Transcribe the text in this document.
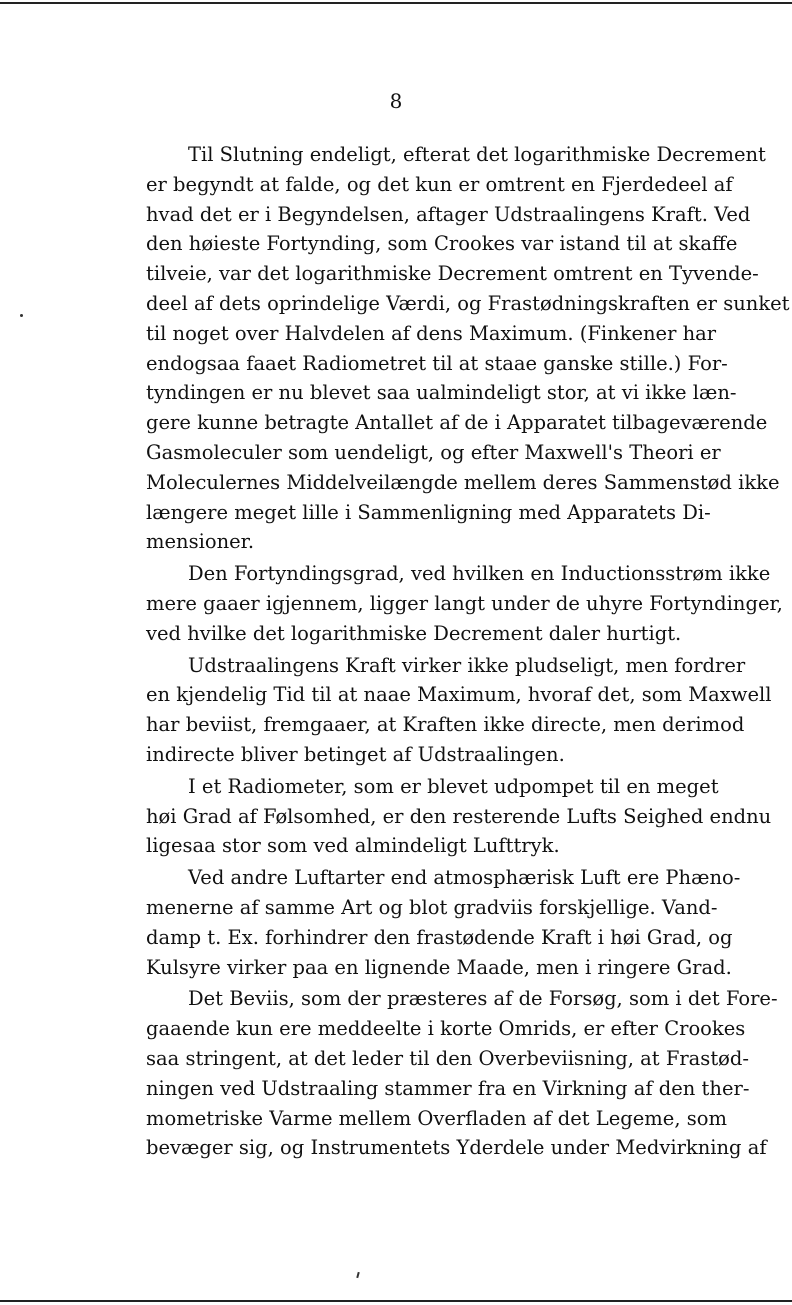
8
Til Slutning endeligt, efterat det logarithmiske Decrement
er begyndt at falde, og det kun er omtrent en Fjerdedeel af
hvad det er i Begyndelsen, aftager Udstraalingens Kraft. Ved
den høieste Fortynding, som Crookes var istand til at skaffe
tilveie, var det logarithmiske Decrement omtrent en Tyvende-
deel af dets oprindelige Værdi, og Frastødningskraften er sunket
til noget over Halvdelen af dens Maximum. (Finkener har
endogsaa faaet Radiometret til at staae ganske stille.) For-
tyndingen er nu blevet saa ualmindeligt stor, at vi ikke læn-
gere kunne betragte Antallet af de i Apparatet tilbageværende
Gasmoleculer som uendeligt, og efter Maxwell's Theori er
Moleculernes Middelveilængde mellem deres Sammenstød ikke
længere meget lille i Sammenligning med Apparatets Di-
mensioner.
Den Fortyndingsgrad, ved hvilken en Inductionsstrøm ikke
mere gaaer igjennem, ligger langt under de uhyre Fortyndinger,
ved hvilke det logarithmiske Decrement daler hurtigt.
Udstraalingens Kraft virker ikke pludseligt, men fordrer
en kjendelig Tid til at naae Maximum, hvoraf det, som Maxwell
har beviist, fremgaaer, at Kraften ikke directe, men derimod
indirecte bliver betinget af Udstraalingen.
I et Radiometer, som er blevet udpompet til en meget
høi Grad af Følsomhed, er den resterende Lufts Seighed endnu
ligesaa stor som ved almindeligt Lufttryk.
Ved andre Luftarter end atmosphærisk Luft ere Phæno-
menerne af samme Art og blot gradviis forskjellige. Vand-
damp t. Ex. forhindrer den frastødende Kraft i høi Grad, og
Kulsyre virker paa en lignende Maade, men i ringere Grad.
Det Beviis, som der præsteres af de Forsøg, som i det Fore-
gaaende kun ere meddeelte i korte Omrids, er efter Crookes
saa stringent, at det leder til den Overbeviisning, at Frastød-
ningen ved Udstraaling stammer fra en Virkning af den ther-
mometriske Varme mellem Overfladen af det Legeme, som
bevæger sig, og Instrumentets Yderdele under Medvirkning af
